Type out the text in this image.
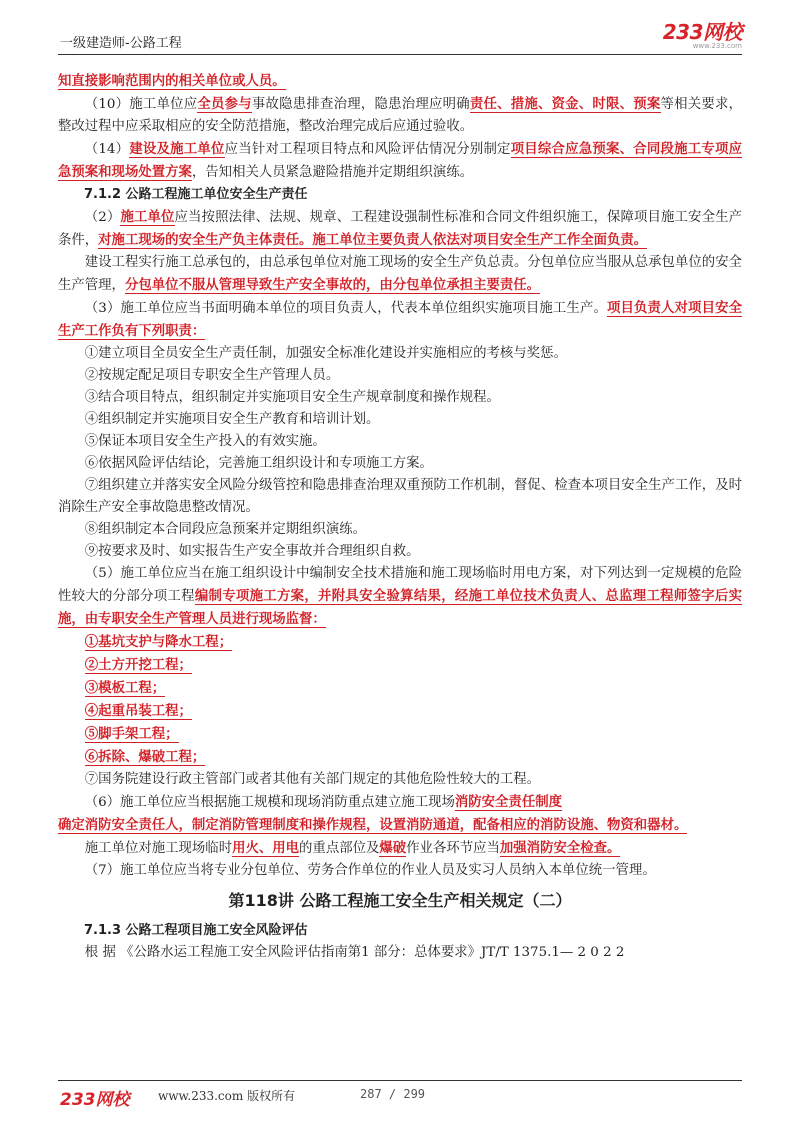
一级建造师-公路工程	233网校
www.233.com

知直接影响范围内的相关单位或人员。

（10）施工单位应全员参与事故隐患排查治理，隐患治理应明确责任、措施、资金、时限、预案等相关要求，整改过程中应采取相应的安全防范措施，整改治理完成后应通过验收。

（14）建设及施工单位应当针对工程项目特点和风险评估情况分别制定项目综合应急预案、合同段施工专项应急预案和现场处置方案，告知相关人员紧急避险措施并定期组织演练。

7.1.2 公路工程施工单位安全生产责任

（2）施工单位应当按照法律、法规、规章、工程建设强制性标准和合同文件组织施工，保障项目施工安全生产条件，对施工现场的安全生产负主体责任。施工单位主要负责人依法对项目安全生产工作全面负责。

建设工程实行施工总承包的，由总承包单位对施工现场的安全生产负总责。分包单位应当服从总承包单位的安全生产管理，分包单位不服从管理导致生产安全事故的，由分包单位承担主要责任。

（3）施工单位应当书面明确本单位的项目负责人，代表本单位组织实施项目施工生产。项目负责人对项目安全生产工作负有下列职责：

①建立项目全员安全生产责任制，加强安全标准化建设并实施相应的考核与奖惩。

②按规定配足项目专职安全生产管理人员。

③结合项目特点，组织制定并实施项目安全生产规章制度和操作规程。

④组织制定并实施项目安全生产教育和培训计划。

⑤保证本项目安全生产投入的有效实施。

⑥依据风险评估结论，完善施工组织设计和专项施工方案。

⑦组织建立并落实安全风险分级管控和隐患排查治理双重预防工作机制，督促、检查本项目安全生产工作，及时消除生产安全事故隐患整改情况。

⑧组织制定本合同段应急预案并定期组织演练。

⑨按要求及时、如实报告生产安全事故并合理组织自救。

（5）施工单位应当在施工组织设计中编制安全技术措施和施工现场临时用电方案，对下列达到一定规模的危险性较大的分部分项工程编制专项施工方案，并附具安全验算结果，经施工单位技术负责人、总监理工程师签字后实施，由专职安全生产管理人员进行现场监督：

①基坑支护与降水工程；

②土方开挖工程；

③模板工程；

④起重吊装工程；

⑤脚手架工程；

⑥拆除、爆破工程；

⑦国务院建设行政主管部门或者其他有关部门规定的其他危险性较大的工程。

（6）施工单位应当根据施工规模和现场消防重点建立施工现场消防安全责任制度

确定消防安全责任人，制定消防管理制度和操作规程，设置消防通道，配备相应的消防设施、物资和器材。

施工单位对施工现场临时用火、用电的重点部位及爆破作业各环节应当加强消防安全检查。

（7）施工单位应当将专业分包单位、劳务合作单位的作业人员及实习人员纳入本单位统一管理。

第118讲 公路工程施工安全生产相关规定（二）

7.1.3 公路工程项目施工安全风险评估

根 据 《公路水运工程施工安全风险评估指南第1 部分：总体要求》JT/T 1375.1— 2 0 2 2

233网校 www.233.com 版权所有	287 / 299
